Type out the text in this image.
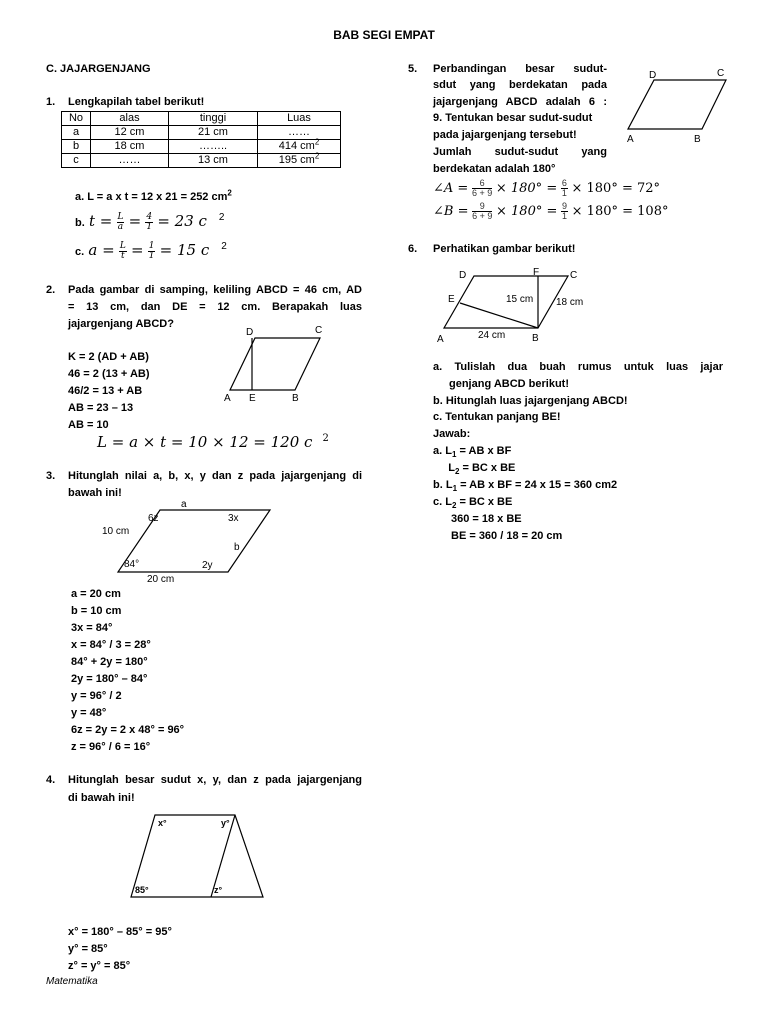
BAB SEGI EMPAT
C. JAJARGENJANG
1. Lengkapilah tabel berikut!
No	alas	tinggi	Luas
a	12 cm	21 cm	……
b	18 cm	……..	414 $cm^2$
c	……	13 cm	195 $cm^2$
a. L = a x t = 12 x 21 = 252 $cm^2$
b. $t = \frac{L}{a} = \frac{4}{1} = 23$ c $^2$
c. $a = \frac{L}{t} = \frac{1}{1} = 15$ c $^2$
2. Pada gambar di samping, keliling ABCD = 46 cm, AD
= 13 cm, dan DE = 12 cm. Berapakah luas
jajargenjang ABCD?
K = 2 (AD + AB)
46 = 2 (13 + AB)
46/2 = 13 + AB
AB = 23 – 13
AB = 10
L = a × t = 10 × 12 = 120 c $^2$
D	C
A E	B
3. Hitunglah nilai a, b, x, y dan z pada jajargenjang di
bawah ini!
a
6z	3x
10 cm
b
84°	2y
20 cm
a = 20 cm
b = 10 cm
3x = 84°
x = 84° / 3 = 28°
84° + 2y = 180°
2y = 180° – 84°
y = 96° / 2
y = 48°
6z = 2y = 2 x 48° = 96°
z = 96° / 6 = 16°
4. Hitunglah besar sudut x, y, dan z pada jajargenjang
di bawah ini!
x°	y°
85°	z°
x° = 180° – 85° = 95°
y° = 85°
z° = y° = 85°
Matematika
5. Perbandingan besar sudut-
sdut yang berdekatan pada
jajargenjang ABCD adalah 6 :
9. Tentukan besar sudut-sudut
pada jajargenjang tersebut!
Jumlah sudut-sudut yang
berdekatan adalah 180°
D	C
A	B
∠A = $\frac{6}{6 + 9} \times 180^\circ = \frac{6}{1} \times 180^\circ = 72^\circ$
∠B = $\frac{9}{6 + 9} \times 180^\circ = \frac{9}{1} \times 180^\circ = 108^\circ$
6. Perhatikan gambar berikut!
D	F	C
E	15 cm 18 cm
24 cm
A	B
a. Tulislah dua buah rumus untuk luas jajar
genjang ABCD berikut!
b. Hitunglah luas jajargenjang ABCD!
c. Tentukan panjang BE!
Jawab:
a. $L_1$ = AB x BF
$L_2$ = BC x BE
b. $L_1$ = AB x BF = 24 x 15 = 360 cm2
c. $L_2$ = BC x BE
360 = 18 x BE
BE = 360 / 18 = 20 cm
